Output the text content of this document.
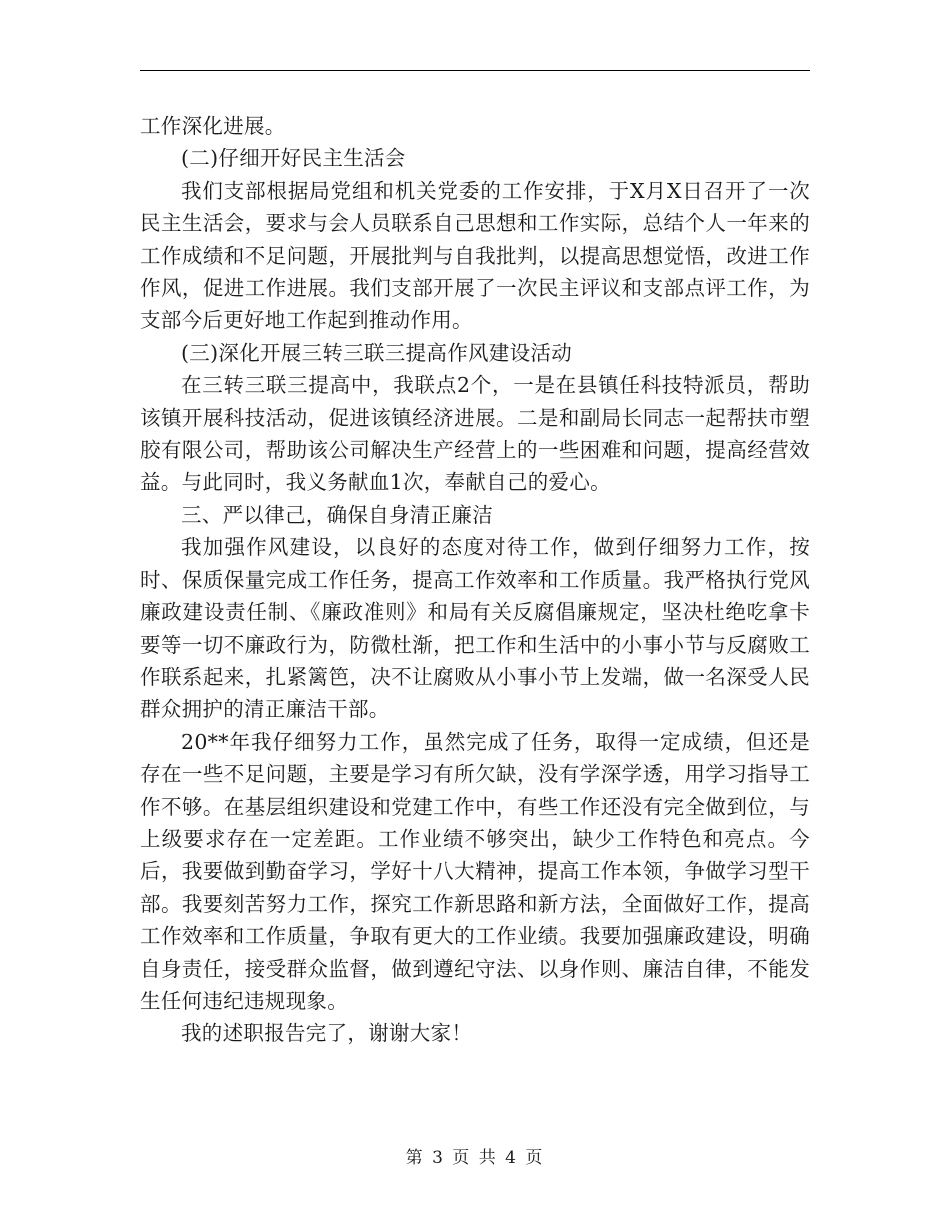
工作深化进展。

(二)仔细开好民主生活会

我们支部根据局党组和机关党委的工作安排，于X月X日召开了一次民主生活会，要求与会人员联系自己思想和工作实际，总结个人一年来的工作成绩和不足问题，开展批判与自我批判，以提高思想觉悟，改进工作作风，促进工作进展。我们支部开展了一次民主评议和支部点评工作，为支部今后更好地工作起到推动作用。

(三)深化开展三转三联三提高作风建设活动

在三转三联三提高中，我联点2个，一是在县镇任科技特派员，帮助该镇开展科技活动，促进该镇经济进展。二是和副局长同志一起帮扶市塑胶有限公司，帮助该公司解决生产经营上的一些困难和问题，提高经营效益。与此同时，我义务献血1次，奉献自己的爱心。

三、严以律己，确保自身清正廉洁

我加强作风建设，以良好的态度对待工作，做到仔细努力工作，按时、保质保量完成工作任务，提高工作效率和工作质量。我严格执行党风廉政建设责任制、《廉政准则》和局有关反腐倡廉规定，坚决杜绝吃拿卡要等一切不廉政行为，防微杜渐，把工作和生活中的小事小节与反腐败工作联系起来，扎紧篱笆，决不让腐败从小事小节上发端，做一名深受人民群众拥护的清正廉洁干部。

20**年我仔细努力工作，虽然完成了任务，取得一定成绩，但还是存在一些不足问题，主要是学习有所欠缺，没有学深学透，用学习指导工作不够。在基层组织建设和党建工作中，有些工作还没有完全做到位，与上级要求存在一定差距。工作业绩不够突出，缺少工作特色和亮点。今后，我要做到勤奋学习，学好十八大精神，提高工作本领，争做学习型干部。我要刻苦努力工作，探究工作新思路和新方法，全面做好工作，提高工作效率和工作质量，争取有更大的工作业绩。我要加强廉政建设，明确自身责任，接受群众监督，做到遵纪守法、以身作则、廉洁自律，不能发生任何违纪违规现象。

我的述职报告完了，谢谢大家！

第 3 页 共 4 页
